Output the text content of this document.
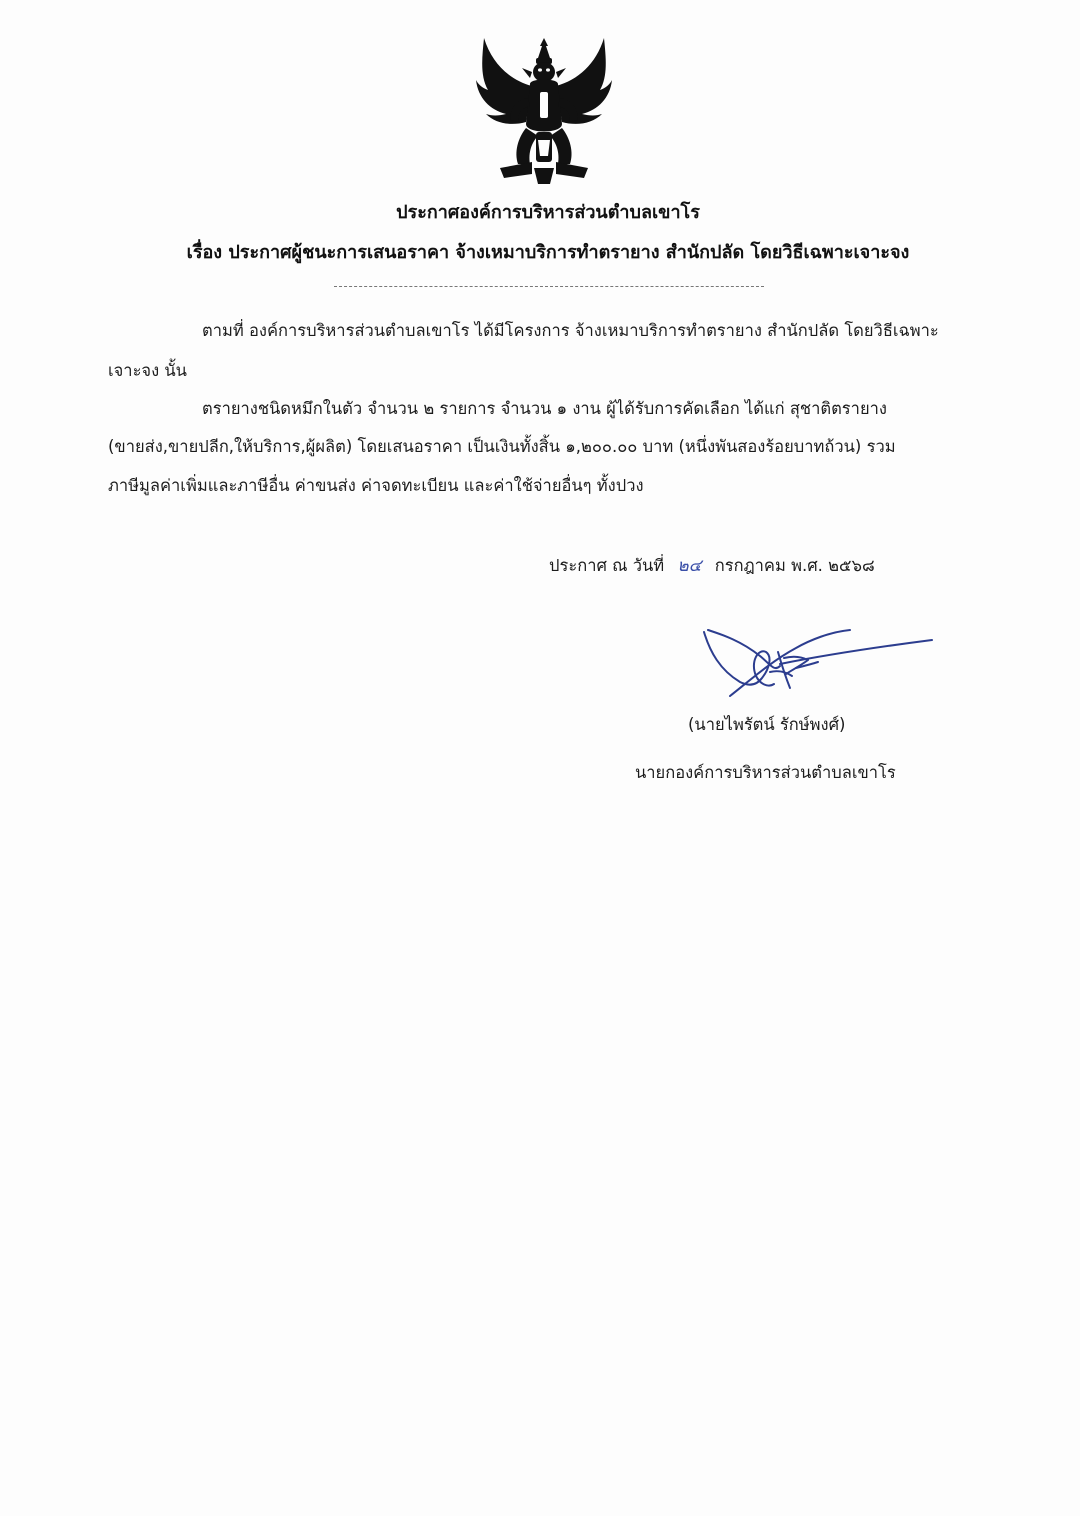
ประกาศองค์การบริหารส่วนตำบลเขาโร
เรื่อง ประกาศผู้ชนะการเสนอราคา จ้างเหมาบริการทำตรายาง สำนักปลัด โดยวิธีเฉพาะเจาะจง
ตามที่ องค์การบริหารส่วนตำบลเขาโร ได้มีโครงการ จ้างเหมาบริการทำตรายาง สำนักปลัด โดยวิธีเฉพาะ
เจาะจง นั้น
ตรายางชนิดหมึกในตัว จำนวน ๒ รายการ จำนวน ๑ งาน ผู้ได้รับการคัดเลือก ได้แก่ สุชาติตรายาง
(ขายส่ง,ขายปลีก,ให้บริการ,ผู้ผลิต) โดยเสนอราคา เป็นเงินทั้งสิ้น ๑,๒๐๐.๐๐ บาท (หนึ่งพันสองร้อยบาทถ้วน) รวม
ภาษีมูลค่าเพิ่มและภาษีอื่น ค่าขนส่ง ค่าจดทะเบียน และค่าใช้จ่ายอื่นๆ ทั้งปวง
ประกาศ ณ วันที่ ๒๔ กรกฎาคม พ.ศ. ๒๕๖๘
(นายไพรัตน์ รักษ์พงศ์)
นายกองค์การบริหารส่วนตำบลเขาโร
